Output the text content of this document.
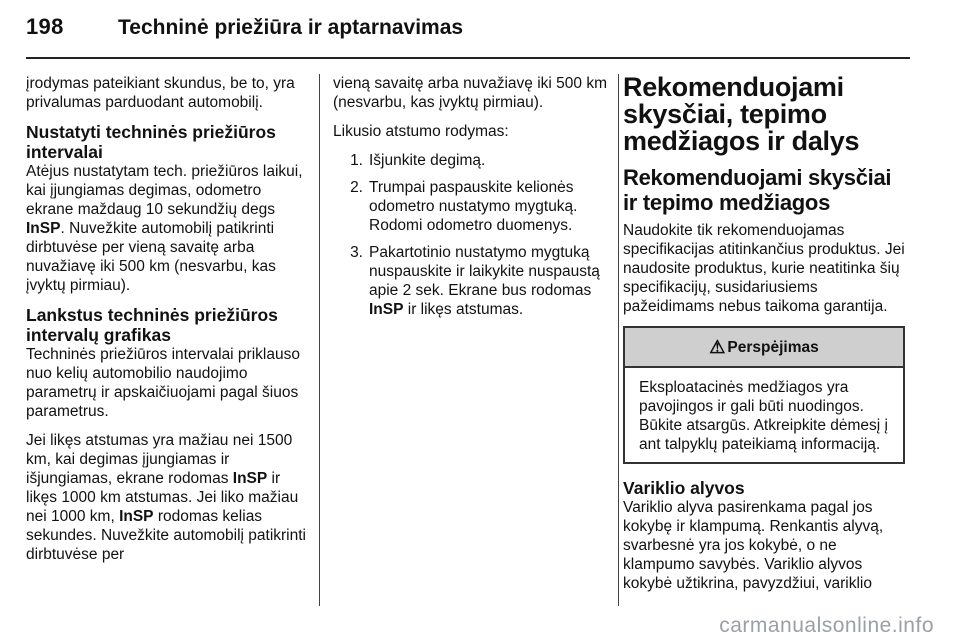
198	Techninė priežiūra ir aptarnavimas

įrodymas pateikiant skundus, be to, yra privalumas parduodant automobilį.

Nustatyti techninės priežiūros intervalai

Atėjus nustatytam tech. priežiūros laikui, kai įjungiamas degimas, odometro ekrane maždaug 10 sekundžių degs InSP. Nuvežkite automobilį patikrinti dirbtuvėse per vieną savaitę arba nuvažiavę iki 500 km (nesvarbu, kas įvyktų pirmiau).

Lankstus techninės priežiūros intervalų grafikas

Techninės priežiūros intervalai priklauso nuo kelių automobilio naudojimo parametrų ir apskaičiuojami pagal šiuos parametrus.

Jei likęs atstumas yra mažiau nei 1500 km, kai degimas įjungiamas ir išjungiamas, ekrane rodomas InSP ir likęs 1000 km atstumas. Jei liko mažiau nei 1000 km, InSP rodomas kelias sekundes. Nuvežkite automobilį patikrinti dirbtuvėse per

vieną savaitę arba nuvažiavę iki 500 km (nesvarbu, kas įvyktų pirmiau).

Likusio atstumo rodymas:

1. Išjunkite degimą.
2. Trumpai paspauskite kelionės odometro nustatymo mygtuką. Rodomi odometro duomenys.
3. Pakartotinio nustatymo mygtuką nuspauskite ir laikykite nuspaustą apie 2 sek. Ekrane bus rodomas InSP ir likęs atstumas.
Rekomenduojami skysčiai, tepimo medžiagos ir dalys
Rekomenduojami skysčiai ir tepimo medžiagos

Naudokite tik rekomenduojamas specifikacijas atitinkančius produktus. Jei naudosite produktus, kurie neatitinka šių specifikacijų, susidariusiems pažeidimams nebus taikoma garantija.

⚠ Perspėjimas
Eksploatacinės medžiagos yra pavojingos ir gali būti nuodingos. Būkite atsargūs. Atkreipkite dėmesį į ant talpyklų pateikiamą informaciją.
Variklio alyvos

Variklio alyva pasirenkama pagal jos kokybę ir klampumą. Renkantis alyvą, svarbesnė yra jos kokybė, o ne klampumo savybės. Variklio alyvos kokybė užtikrina, pavyzdžiui, variklio

carmanualsonline.info
